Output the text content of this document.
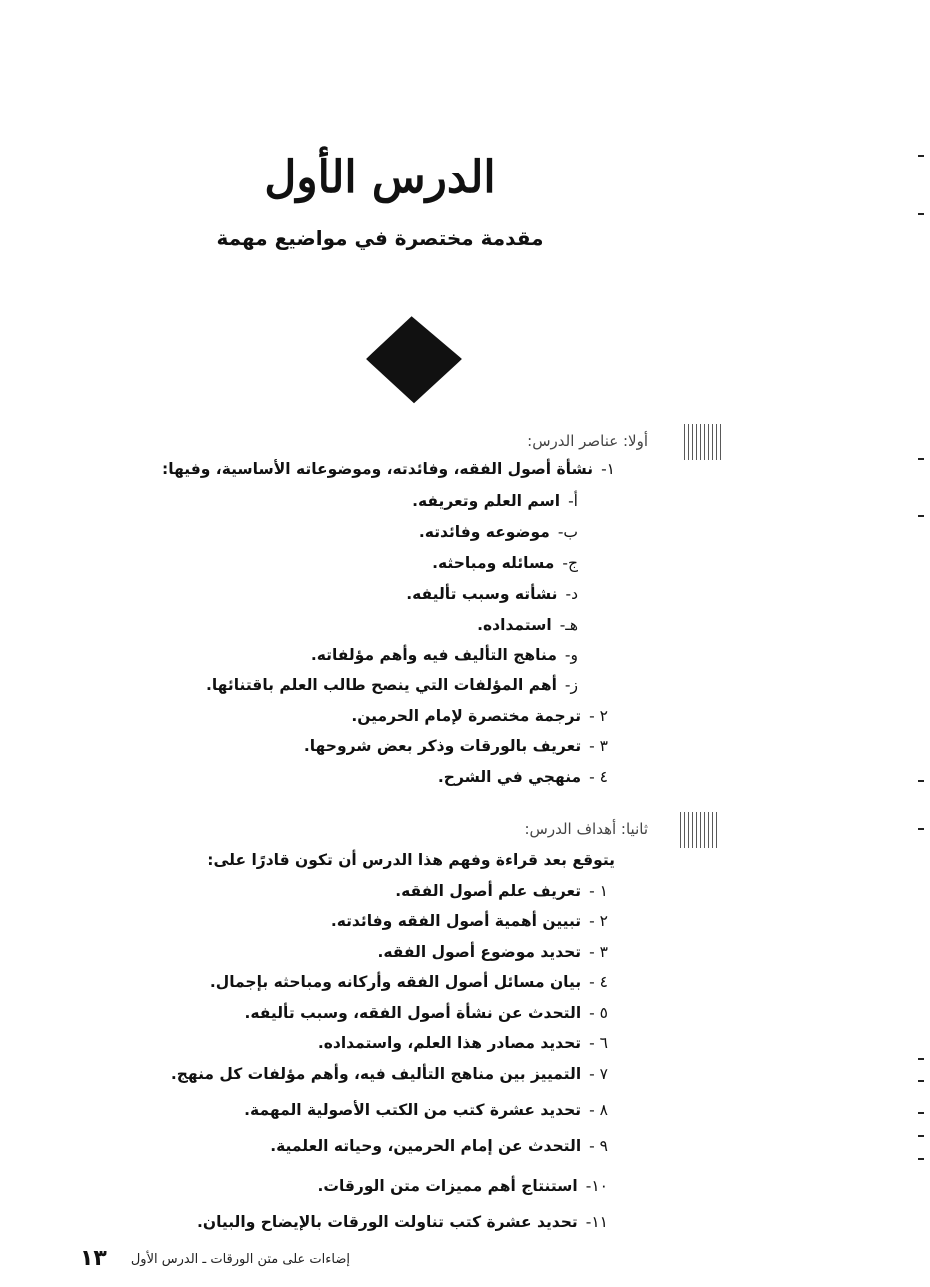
الدرس الأول
مقدمة مختصرة في مواضيع مهمة
أولا: عناصر الدرس:
١-نشأة أصول الفقه، وفائدته، وموضوعاته الأساسية، وفيها:
أ-اسم العلم وتعريفه.
ب-موضوعه وفائدته.
ج-مسائله ومباحثه.
د-نشأته وسبب تأليفه.
هـ-استمداده.
و-مناهج التأليف فيه وأهم مؤلفاته.
ز-أهم المؤلفات التي ينصح طالب العلم باقتنائها.
٢ -ترجمة مختصرة لإمام الحرمين.
٣ -تعريف بالورقات وذكر بعض شروحها.
٤ -منهجي في الشرح.
ثانيا: أهداف الدرس:
يتوقع بعد قراءة وفهم هذا الدرس أن تكون قادرًا على:
١ -تعريف علم أصول الفقه.
٢ -تبيين أهمية أصول الفقه وفائدته.
٣ -تحديد موضوع أصول الفقه.
٤ -بيان مسائل أصول الفقه وأركانه ومباحثه بإجمال.
٥ -التحدث عن نشأة أصول الفقه، وسبب تأليفه.
٦ -تحديد مصادر هذا العلم، واستمداده.
٧ -التمييز بين مناهج التأليف فيه، وأهم مؤلفات كل منهج.
٨ -تحديد عشرة كتب من الكتب الأصولية المهمة.
٩ -التحدث عن إمام الحرمين، وحياته العلمية.
١٠-استنتاج أهم مميزات متن الورقات.
١١-تحديد عشرة كتب تناولت الورقات بالإيضاح والبيان.
١٣ إضاءات على متن الورقات ـ الدرس الأول
